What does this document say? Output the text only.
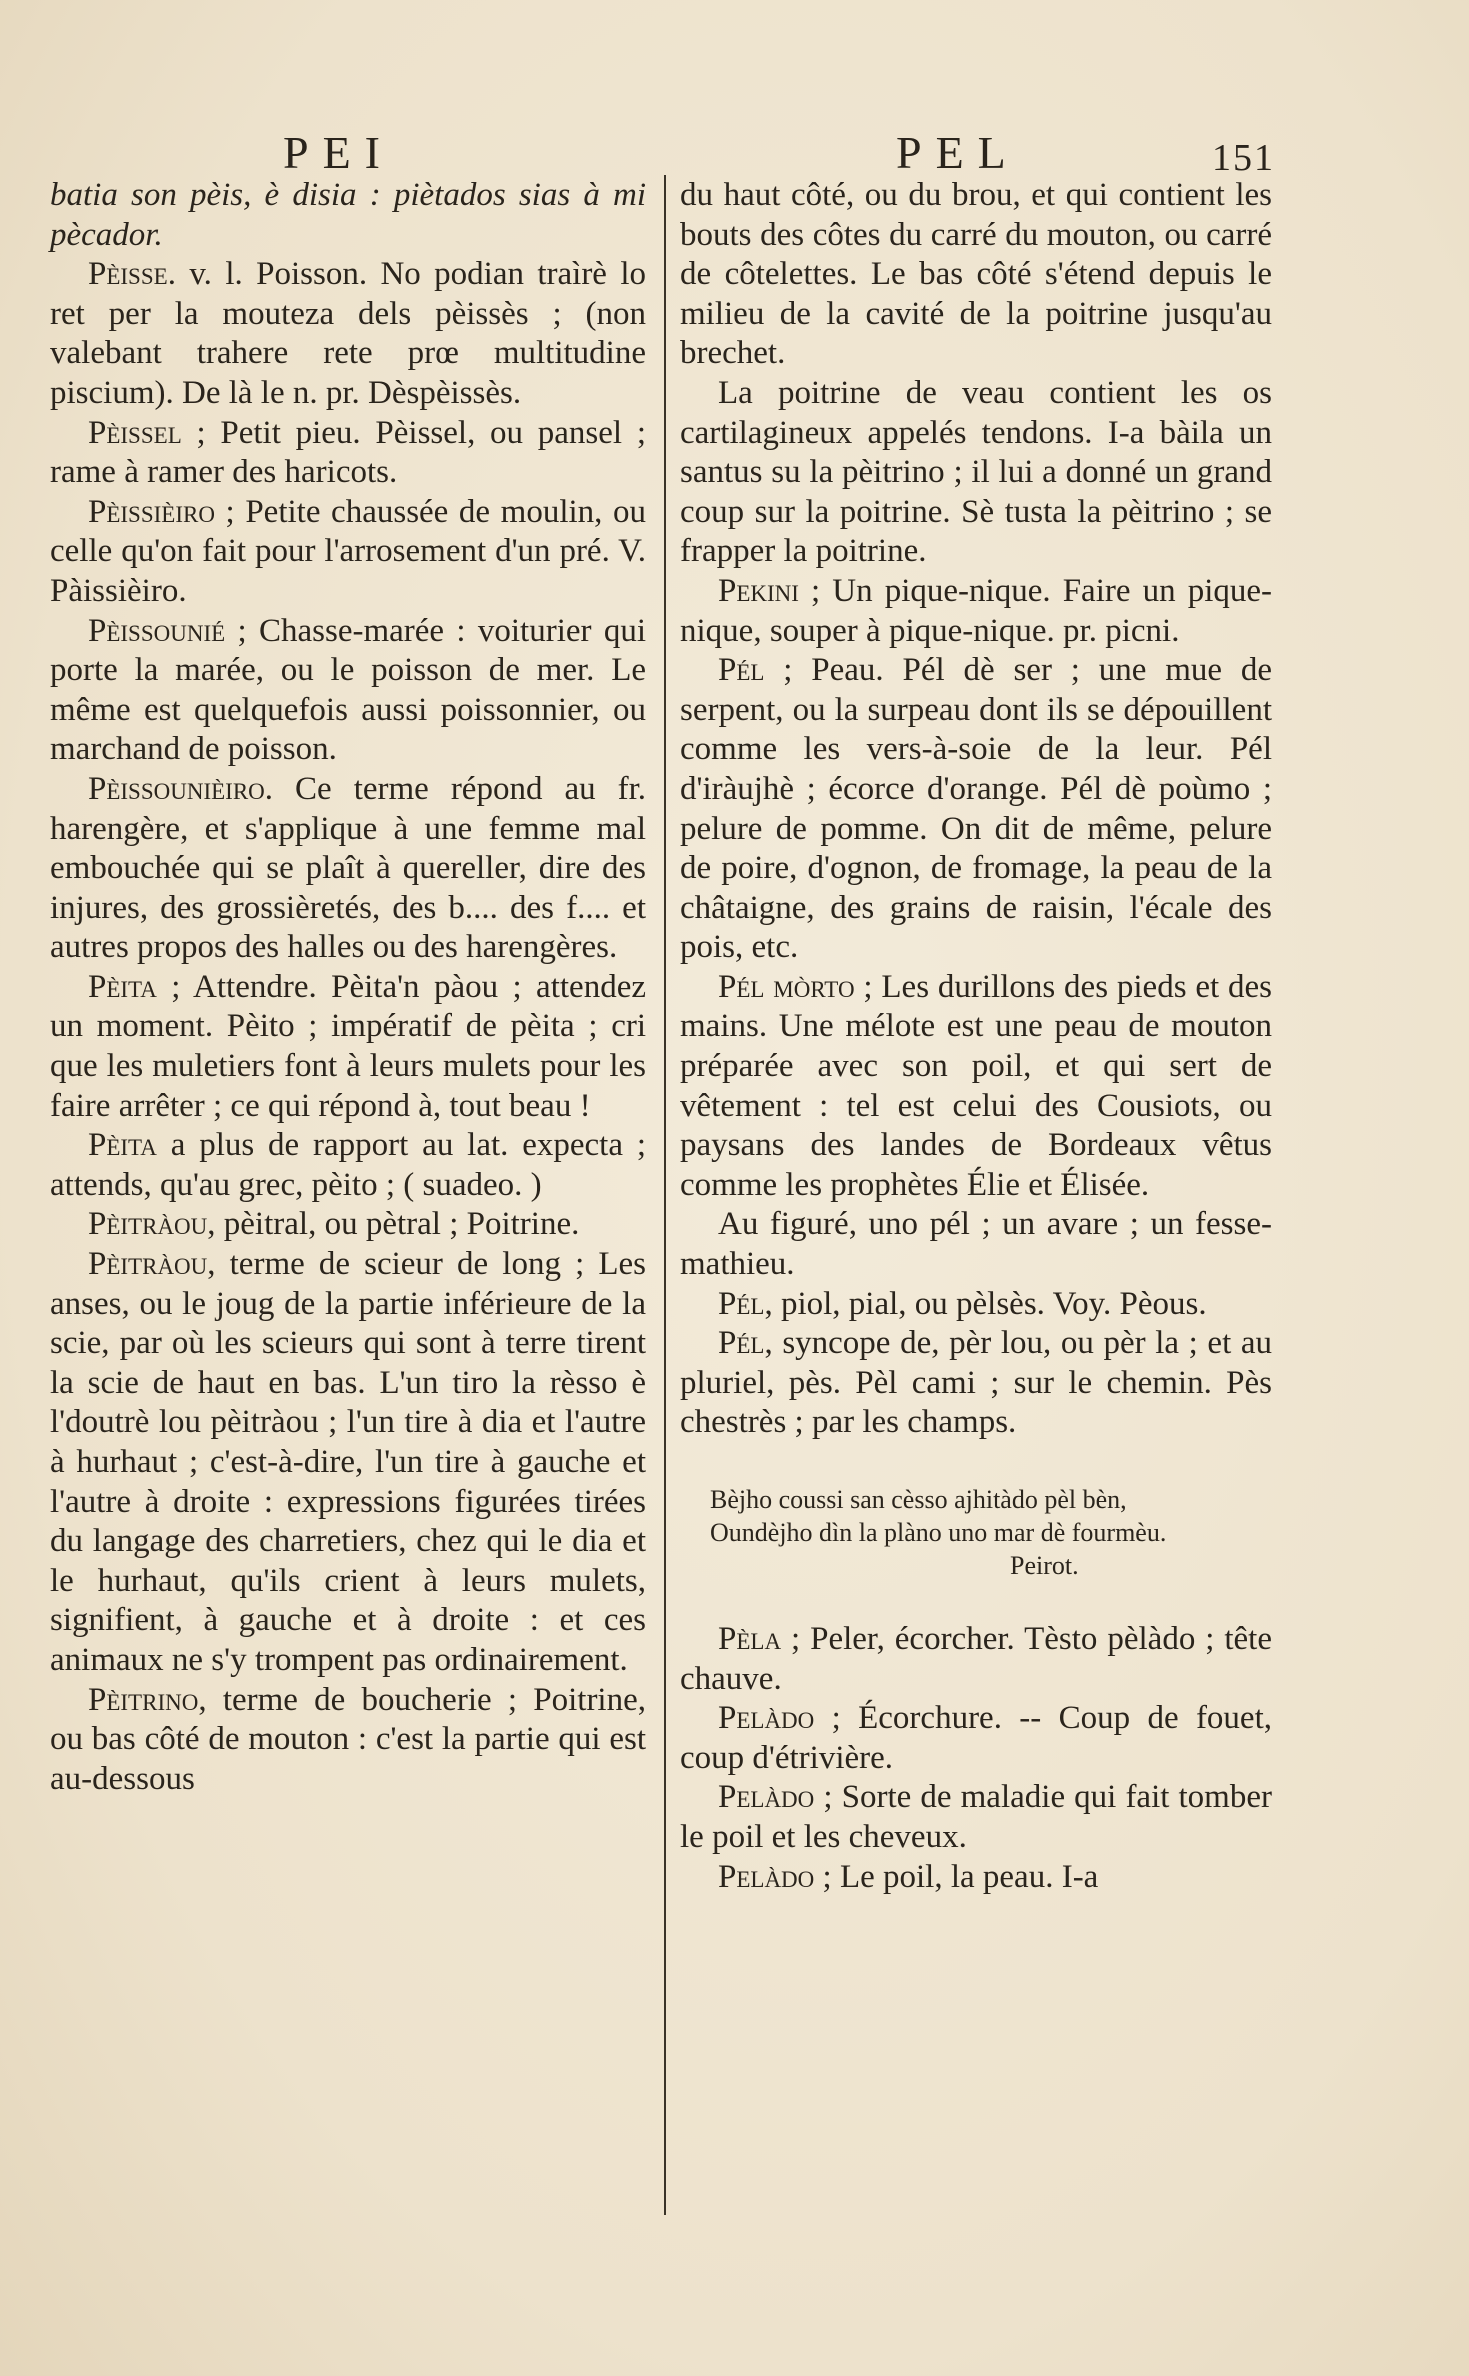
PEI	PEL	151

batia son pèis, è disia : piètados sias à mi pècador.

Pèisse. v. l. Poisson. No podian traìrè lo ret per la mouteza dels pèissès ; (non valebant trahere rete prœ multitudine piscium). De là le n. pr. Dèspèissès.

Pèissel ; Petit pieu. Pèissel, ou pansel ; rame à ramer des haricots.

Pèissièiro ; Petite chaussée de moulin, ou celle qu'on fait pour l'arrosement d'un pré. V. Pàissièiro.

Pèissounié ; Chasse-marée : voiturier qui porte la marée, ou le poisson de mer. Le même est quelquefois aussi poissonnier, ou marchand de poisson.

Pèissounièiro. Ce terme répond au fr. harengère, et s'applique à une femme mal embouchée qui se plaît à quereller, dire des injures, des grossièretés, des b.... des f.... et autres propos des halles ou des harengères.

Pèita ; Attendre. Pèita'n pàou ; attendez un moment. Pèito ; impératif de pèita ; cri que les muletiers font à leurs mulets pour les faire arrêter ; ce qui répond à, tout beau !

Pèita a plus de rapport au lat. expecta ; attends, qu'au grec, pèito ; ( suadeo. )

Pèitràou, pèitral, ou pètral ; Poitrine.

Pèitràou, terme de scieur de long ; Les anses, ou le joug de la partie inférieure de la scie, par où les scieurs qui sont à terre tirent la scie de haut en bas. L'un tiro la rèsso è l'doutrè lou pèitràou ; l'un tire à dia et l'autre à hurhaut ; c'est-à-dire, l'un tire à gauche et l'autre à droite : expressions figurées tirées du langage des charretiers, chez qui le dia et le hurhaut, qu'ils crient à leurs mulets, signifient, à gauche et à droite : et ces animaux ne s'y trompent pas ordinairement.

Pèitrino, terme de boucherie ; Poitrine, ou bas côté de mouton : c'est la partie qui est au-dessous

du haut côté, ou du brou, et qui contient les bouts des côtes du carré du mouton, ou carré de côtelettes. Le bas côté s'étend depuis le milieu de la cavité de la poitrine jusqu'au brechet.

La poitrine de veau contient les os cartilagineux appelés tendons. I-a bàila un santus su la pèitrino ; il lui a donné un grand coup sur la poitrine. Sè tusta la pèitrino ; se frapper la poitrine.

Pekini ; Un pique-nique. Faire un pique-nique, souper à pique-nique. pr. picni.

Pél ; Peau. Pél dè ser ; une mue de serpent, ou la surpeau dont ils se dépouillent comme les vers-à-soie de la leur. Pél d'iràujhè ; écorce d'orange. Pél dè poùmo ; pelure de pomme. On dit de même, pelure de poire, d'ognon, de fromage, la peau de la châtaigne, des grains de raisin, l'écale des pois, etc.

Pél mòrto ; Les durillons des pieds et des mains. Une mélote est une peau de mouton préparée avec son poil, et qui sert de vêtement : tel est celui des Cousiots, ou paysans des landes de Bordeaux vêtus comme les prophètes Élie et Élisée.

Au figuré, uno pél ; un avare ; un fesse-mathieu.

Pél, piol, pial, ou pèlsès. Voy. Pèous.

Pél, syncope de, pèr lou, ou pèr la ; et au pluriel, pès. Pèl cami ; sur le chemin. Pès chestrès ; par les champs.

Bèjho coussi san cèsso ajhitàdo pèl bèn,
Oundèjho dìn la plàno uno mar dè fourmèu.
Peirot.

Pèla ; Peler, écorcher. Tèsto pèlàdo ; tête chauve.

Pelàdo ; Écorchure. -- Coup de fouet, coup d'étrivière.

Pelàdo ; Sorte de maladie qui fait tomber le poil et les cheveux.

Pelàdo ; Le poil, la peau. I-a
